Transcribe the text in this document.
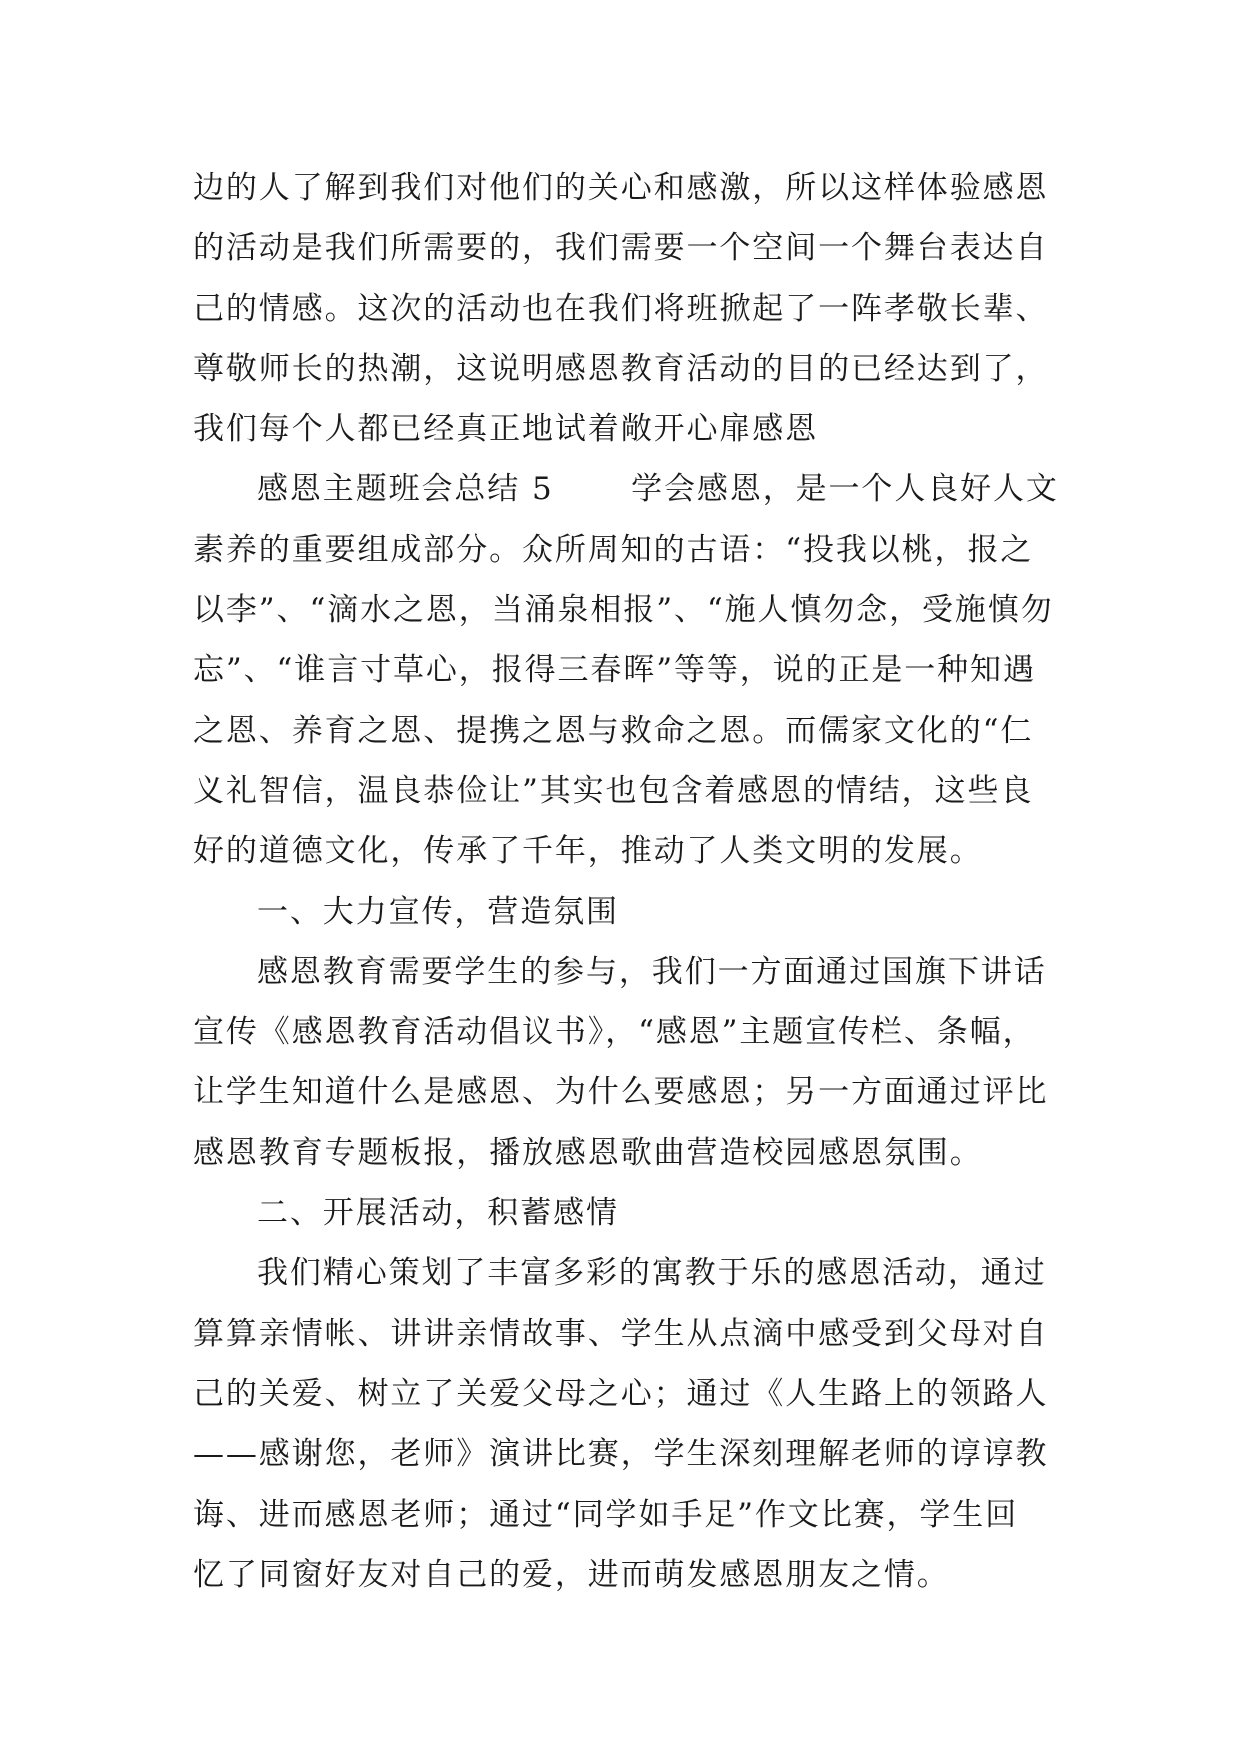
边的人了解到我们对他们的关心和感激，所以这样体验感恩
的活动是我们所需要的，我们需要一个空间一个舞台表达自
己的情感。这次的活动也在我们将班掀起了一阵孝敬长辈、
尊敬师长的热潮，这说明感恩教育活动的目的已经达到了，
我们每个人都已经真正地试着敞开心扉感恩
感恩主题班会总结 5　　 学会感恩，是一个人良好人文
素养的重要组成部分。众所周知的古语：“投我以桃，报之
以李”、“滴水之恩，当涌泉相报”、“施人慎勿念，受施慎勿
忘”、“谁言寸草心，报得三春晖”等等，说的正是一种知遇
之恩、养育之恩、提携之恩与救命之恩。而儒家文化的“仁
义礼智信，温良恭俭让”其实也包含着感恩的情结，这些良
好的道德文化，传承了千年，推动了人类文明的发展。
一、大力宣传，营造氛围
感恩教育需要学生的参与，我们一方面通过国旗下讲话
宣传《感恩教育活动倡议书》，“感恩”主题宣传栏、条幅，
让学生知道什么是感恩、为什么要感恩；另一方面通过评比
感恩教育专题板报，播放感恩歌曲营造校园感恩氛围。
二、开展活动，积蓄感情
我们精心策划了丰富多彩的寓教于乐的感恩活动，通过
算算亲情帐、讲讲亲情故事、学生从点滴中感受到父母对自
己的关爱、树立了关爱父母之心；通过《人生路上的领路人
——感谢您，老师》演讲比赛，学生深刻理解老师的谆谆教
诲、进而感恩老师；通过“同学如手足”作文比赛，学生回
忆了同窗好友对自己的爱，进而萌发感恩朋友之情。
